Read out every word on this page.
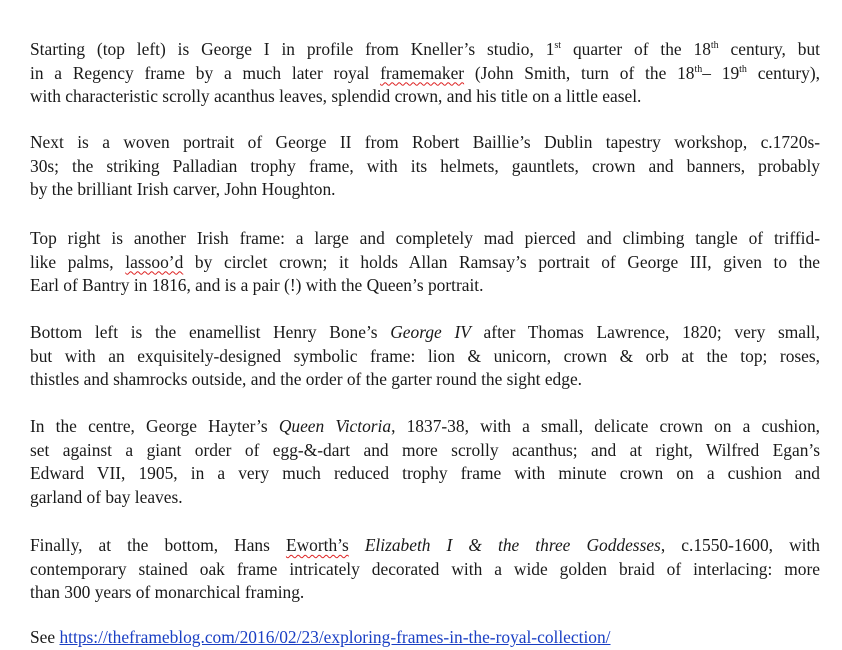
Starting (top left) is George I in profile from Kneller’s studio, 1st quarter of the 18th century, but
in a Regency frame by a much later royal framemaker (John Smith, turn of the 18th– 19th century),
with characteristic scrolly acanthus leaves, splendid crown, and his title on a little easel.

Next is a woven portrait of George II from Robert Baillie’s Dublin tapestry workshop, c.1720s-
30s; the striking Palladian trophy frame, with its helmets, gauntlets, crown and banners, probably
by the brilliant Irish carver, John Houghton.

Top right is another Irish frame: a large and completely mad pierced and climbing tangle of triffid-
like palms, lassoo’d by circlet crown; it holds Allan Ramsay’s portrait of George III, given to the
Earl of Bantry in 1816, and is a pair (!) with the Queen’s portrait.

Bottom left is the enamellist Henry Bone’s George IV after Thomas Lawrence, 1820; very small,
but with an exquisitely-designed symbolic frame: lion & unicorn, crown & orb at the top; roses,
thistles and shamrocks outside, and the order of the garter round the sight edge.

In the centre, George Hayter’s Queen Victoria, 1837-38, with a small, delicate crown on a cushion,
set against a giant order of egg-&-dart and more scrolly acanthus; and at right, Wilfred Egan’s
Edward VII, 1905, in a very much reduced trophy frame with minute crown on a cushion and
garland of bay leaves.

Finally, at the bottom, Hans Eworth’s Elizabeth I & the three Goddesses, c.1550-1600, with
contemporary stained oak frame intricately decorated with a wide golden braid of interlacing: more
than 300 years of monarchical framing.

See https://theframeblog.com/2016/02/23/exploring-frames-in-the-royal-collection/
